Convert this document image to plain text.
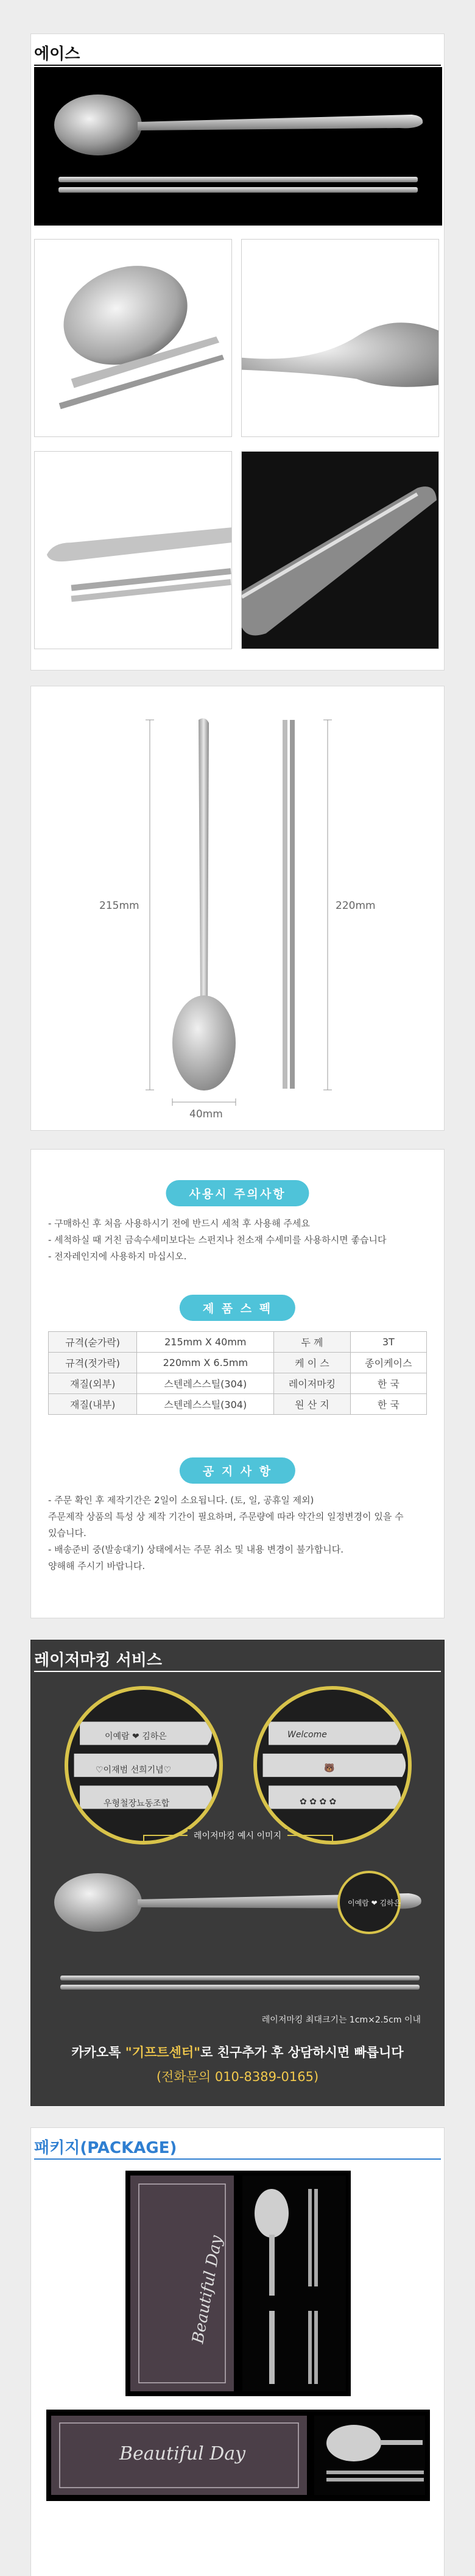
에이스
215mm	220mm
40mm
사용시 주의사항
- 구매하신 후 처음 사용하시기 전에 반드시 세척 후 사용해 주세요
- 세척하실 때 거친 금속수세미보다는 스펀지나 천소재 수세미를 사용하시면 좋습니다
- 전자레인지에 사용하지 마십시오.
제 품 스 펙
규격(숟가락)	215mm X 40mm	두 께	3T
규격(젓가락)	220mm X 6.5mm	케 이 스	종이케이스
재질(외부)	스텐레스스틸(304)	레이저마킹	한 국
재질(내부)	스텐레스스틸(304)	원 산 지	한 국
공 지 사 항
- 주문 확인 후 제작기간은 2일이 소요됩니다. (토, 일, 공휴일 제외)
주문제작 상품의 특성 상 제작 기간이 필요하며, 주문량에 따라 약간의 일정변경이 있을 수
있습니다.
- 배송준비 중(발송대기) 상태에서는 주문 취소 및 내용 변경이 불가합니다.
양해해 주시기 바랍니다.
레이저마킹 서비스
이예람 ❤ 김하은
♡이재범 선희기념♡
우형철장뇨동조합
Welcome
🐻
✿ ✿ ✿ ✿
레이저마킹 예시 이미지
이예람 ❤ 김하은
레이저마킹 최대크기는 1cm×2.5cm 이내
카카오톡 "기프트센터"로 친구추가 후 상담하시면 빠릅니다
(전화문의 010-8389-0165)
패키지(PACKAGE)
Beautiful Day
Beautiful Day
